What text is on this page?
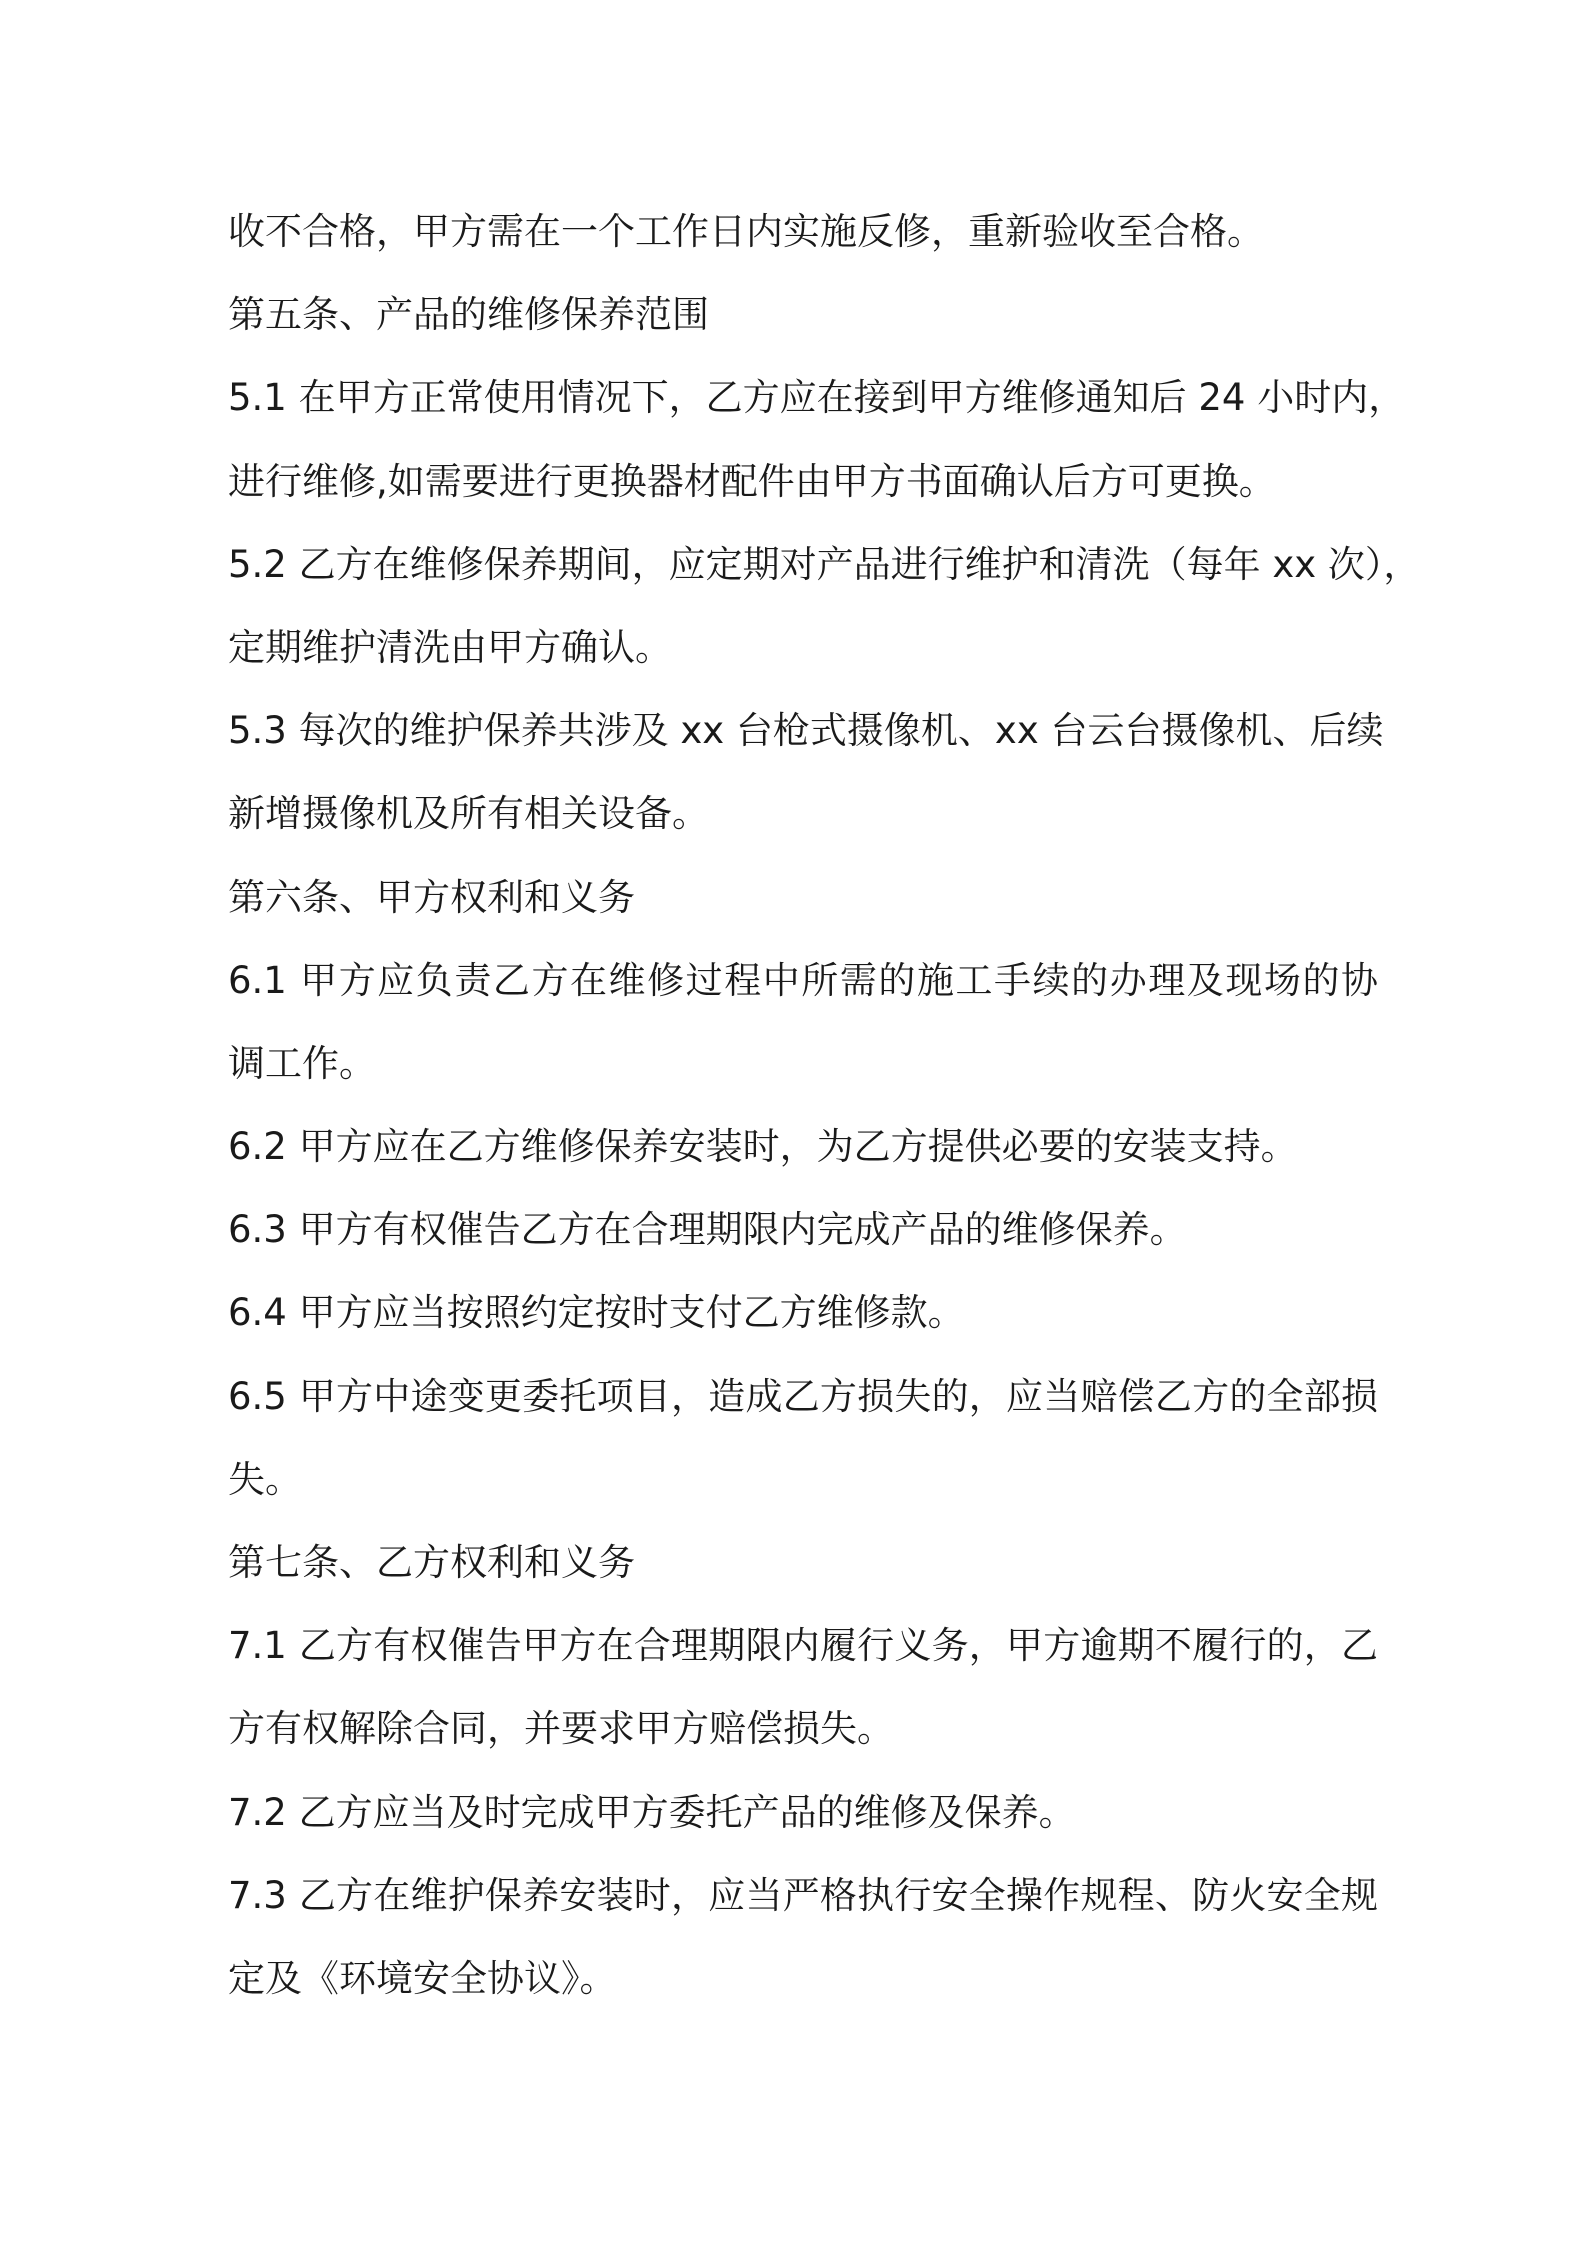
收不合格，甲方需在一个工作日内实施反修，重新验收至合格。

第五条、产品的维修保养范围

5.1 在甲方正常使用情况下，乙方应在接到甲方维修通知后 24 小时内，

进行维修,如需要进行更换器材配件由甲方书面确认后方可更换。

5.2 乙方在维修保养期间，应定期对产品进行维护和清洗（每年 xx 次），

定期维护清洗由甲方确认。

5.3 每次的维护保养共涉及 xx 台枪式摄像机、xx 台云台摄像机、后续

新增摄像机及所有相关设备。

第六条、甲方权利和义务

6.1 甲方应负责乙方在维修过程中所需的施工手续的办理及现场的协

调工作。

6.2 甲方应在乙方维修保养安装时，为乙方提供必要的安装支持。

6.3 甲方有权催告乙方在合理期限内完成产品的维修保养。

6.4 甲方应当按照约定按时支付乙方维修款。

6.5 甲方中途变更委托项目，造成乙方损失的，应当赔偿乙方的全部损

失。

第七条、乙方权利和义务

7.1 乙方有权催告甲方在合理期限内履行义务，甲方逾期不履行的，乙

方有权解除合同，并要求甲方赔偿损失。

7.2 乙方应当及时完成甲方委托产品的维修及保养。

7.3 乙方在维护保养安装时，应当严格执行安全操作规程、防火安全规

定及《环境安全协议》。
